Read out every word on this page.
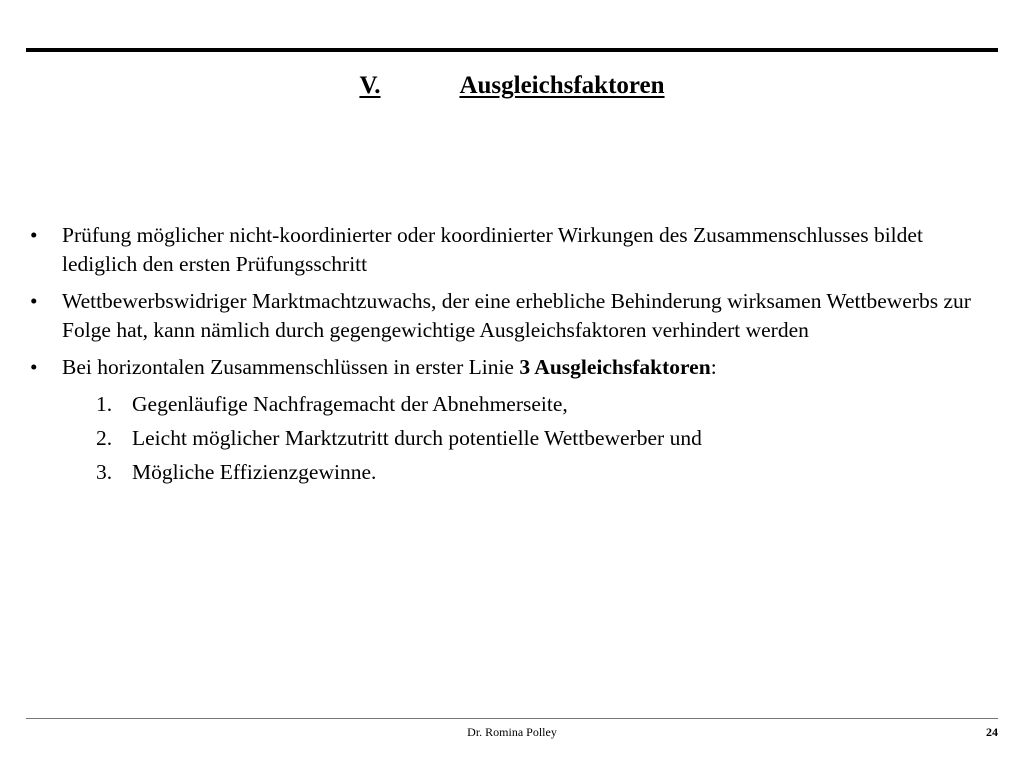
V.	Ausgleichsfaktoren
•	Prüfung möglicher nicht-koordinierter oder koordinierter Wirkungen des Zusammenschlusses bildet lediglich den ersten Prüfungsschritt
•	Wettbewerbswidriger Marktmachtzuwachs, der eine erhebliche Behinderung wirksamen Wettbewerbs zur Folge hat, kann nämlich durch gegengewichtige Ausgleichsfaktoren verhindert werden
•	Bei horizontalen Zusammenschlüssen in erster Linie 3 Ausgleichsfaktoren:
1. Gegenläufige Nachfragemacht der Abnehmerseite,
2. Leicht möglicher Marktzutritt durch potentielle Wettbewerber und
3. Mögliche Effizienzgewinne.
Dr. Romina Polley	24
